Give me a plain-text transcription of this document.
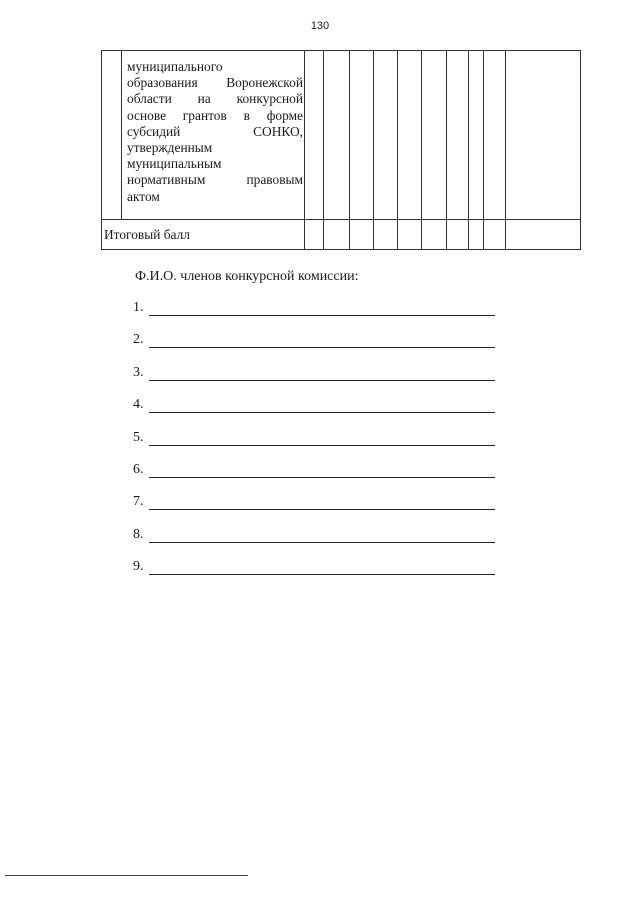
130
муниципального
образования Воронежской
области на конкурсной
основе грантов в форме
субсидий СОНКО,
утвержденным
муниципальным
нормативным правовым
актом
Итоговый балл
Ф.И.О. членов конкурсной комиссии:
1.
2.
3.
4.
5.
6.
7.
8.
9.
